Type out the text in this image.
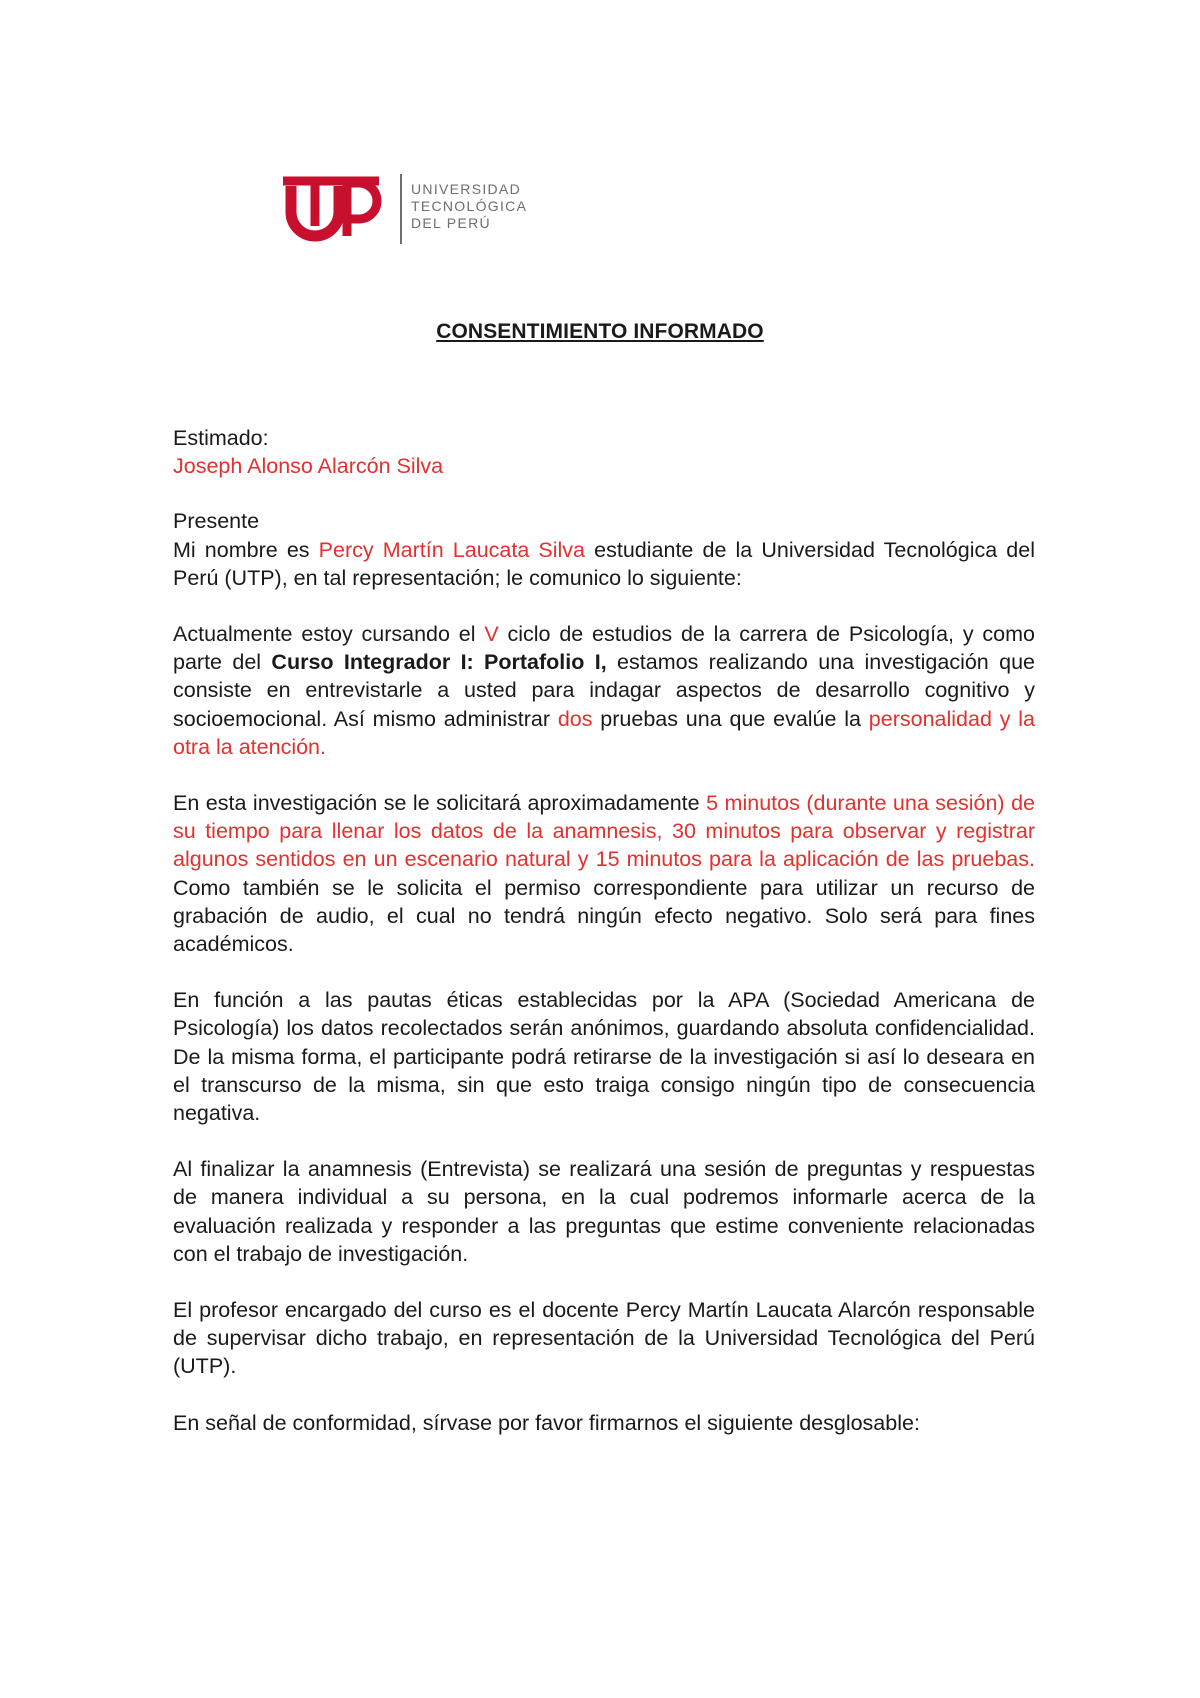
UNIVERSIDAD
TECNOLÓGICA
DEL PERÚ
CONSENTIMIENTO INFORMADO

Estimado:

Joseph Alonso Alarcón Silva

Presente

Mi nombre es Percy Martín Laucata Silva estudiante de la Universidad Tecnológica del Perú (UTP), en tal representación; le comunico lo siguiente:

Actualmente estoy cursando el V ciclo de estudios de la carrera de Psicología, y como parte del Curso Integrador I: Portafolio I, estamos realizando una investigación que consiste en entrevistarle a usted para indagar aspectos de desarrollo cognitivo y socioemocional. Así mismo administrar dos pruebas una que evalúe la personalidad y la otra la atención.

En esta investigación se le solicitará aproximadamente 5 minutos (durante una sesión) de su tiempo para llenar los datos de la anamnesis, 30 minutos para observar y registrar algunos sentidos en un escenario natural y 15 minutos para la aplicación de las pruebas. Como también se le solicita el permiso correspondiente para utilizar un recurso de grabación de audio, el cual no tendrá ningún efecto negativo. Solo será para fines académicos.

En función a las pautas éticas establecidas por la APA (Sociedad Americana de Psicología) los datos recolectados serán anónimos, guardando absoluta confidencialidad. De la misma forma, el participante podrá retirarse de la investigación si así lo deseara en el transcurso de la misma, sin que esto traiga consigo ningún tipo de consecuencia negativa.

Al finalizar la anamnesis (Entrevista) se realizará una sesión de preguntas y respuestas de manera individual a su persona, en la cual podremos informarle acerca de la evaluación realizada y responder a las preguntas que estime conveniente relacionadas con el trabajo de investigación.

El profesor encargado del curso es el docente Percy Martín Laucata Alarcón responsable de supervisar dicho trabajo, en representación de la Universidad Tecnológica del Perú (UTP).

En señal de conformidad, sírvase por favor firmarnos el siguiente desglosable:
